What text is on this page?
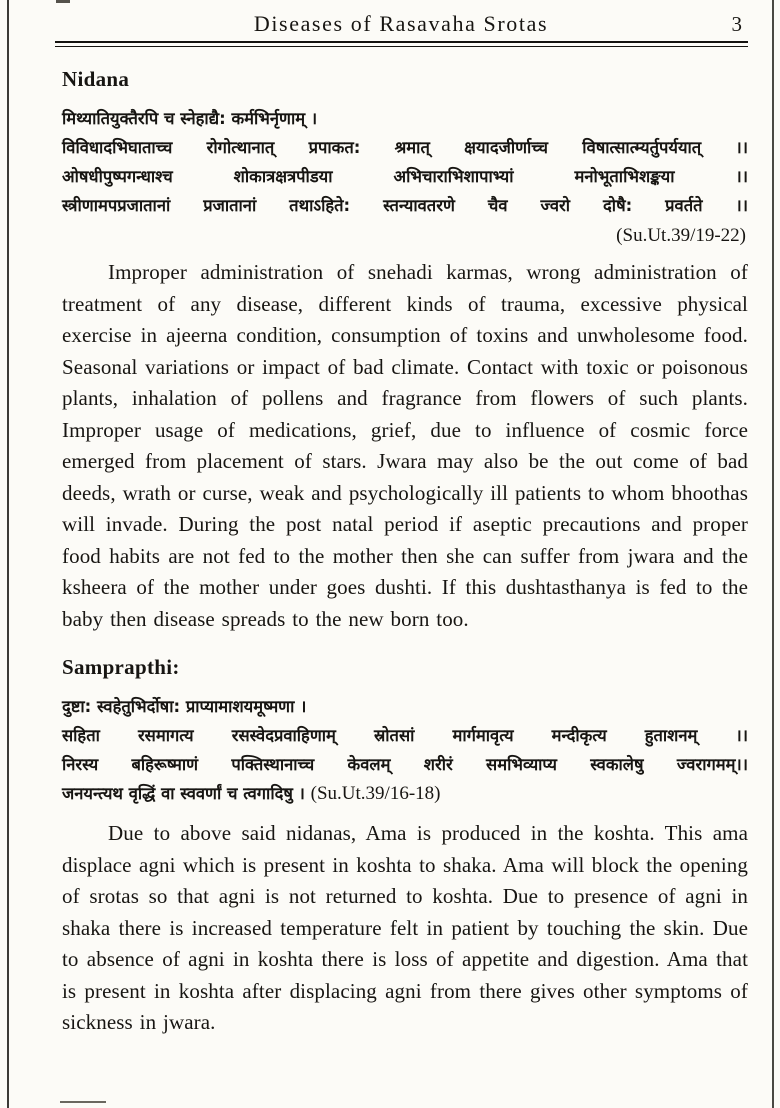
Diseases of Rasavaha Srotas	3
Nidana
मिथ्यातियुक्तैरपि च स्नेहाद्यै: कर्मभिर्नृणाम् ।
विविधादभिघाताच्च रोगोत्थानात् प्रपाकत: श्रमात् क्षयादजीर्णाच्च विषात्सात्म्यर्तुपर्ययात् ।।
ओषधीपुष्पगन्धाश्च शोकात्रक्षत्रपीडया अभिचाराभिशापाभ्यां मनोभूताभिशङ्कया ।।
स्त्रीणामपप्रजातानां प्रजातानां तथाऽहिते: स्तन्यावतरणे चैव ज्वरो दोषै: प्रवर्तते ।।
(Su.Ut.39/19-22)

Improper administration of snehadi karmas, wrong administration of treatment of any disease, different kinds of trauma, excessive physical exercise in ajeerna condition, consumption of toxins and unwholesome food. Seasonal variations or impact of bad climate. Contact with toxic or poisonous plants, inhalation of pollens and fragrance from flowers of such plants. Improper usage of medications, grief, due to influence of cosmic force emerged from placement of stars. Jwara may also be the out come of bad deeds, wrath or curse, weak and psychologically ill patients to whom bhoothas will invade. During the post natal period if aseptic precautions and proper food habits are not fed to the mother then she can suffer from jwara and the ksheera of the mother under goes dushti. If this dushtasthanya is fed to the baby then disease spreads to the new born too.

Samprapthi:
दुष्टा: स्वहेतुभिर्दोषा: प्राप्यामाशयमूष्मणा ।
सहिता रसमागत्य रसस्वेदप्रवाहिणाम् स्रोतसां मार्गमावृत्य मन्दीकृत्य हुताशनम् ।।
निरस्य बहिरूष्माणं पक्तिस्थानाच्च केवलम् शरीरं समभिव्याप्य स्वकालेषु ज्वरागमम्।।
जनयन्त्यथ वृद्धिं वा स्ववर्णां च त्वगादिषु । (Su.Ut.39/16-18)

Due to above said nidanas, Ama is produced in the koshta. This ama displace agni which is present in koshta to shaka. Ama will block the opening of srotas so that agni is not returned to koshta. Due to presence of agni in shaka there is increased temperature felt in patient by touching the skin. Due to absence of agni in koshta there is loss of appetite and digestion. Ama that is present in koshta after displacing agni from there gives other symptoms of sickness in jwara.
